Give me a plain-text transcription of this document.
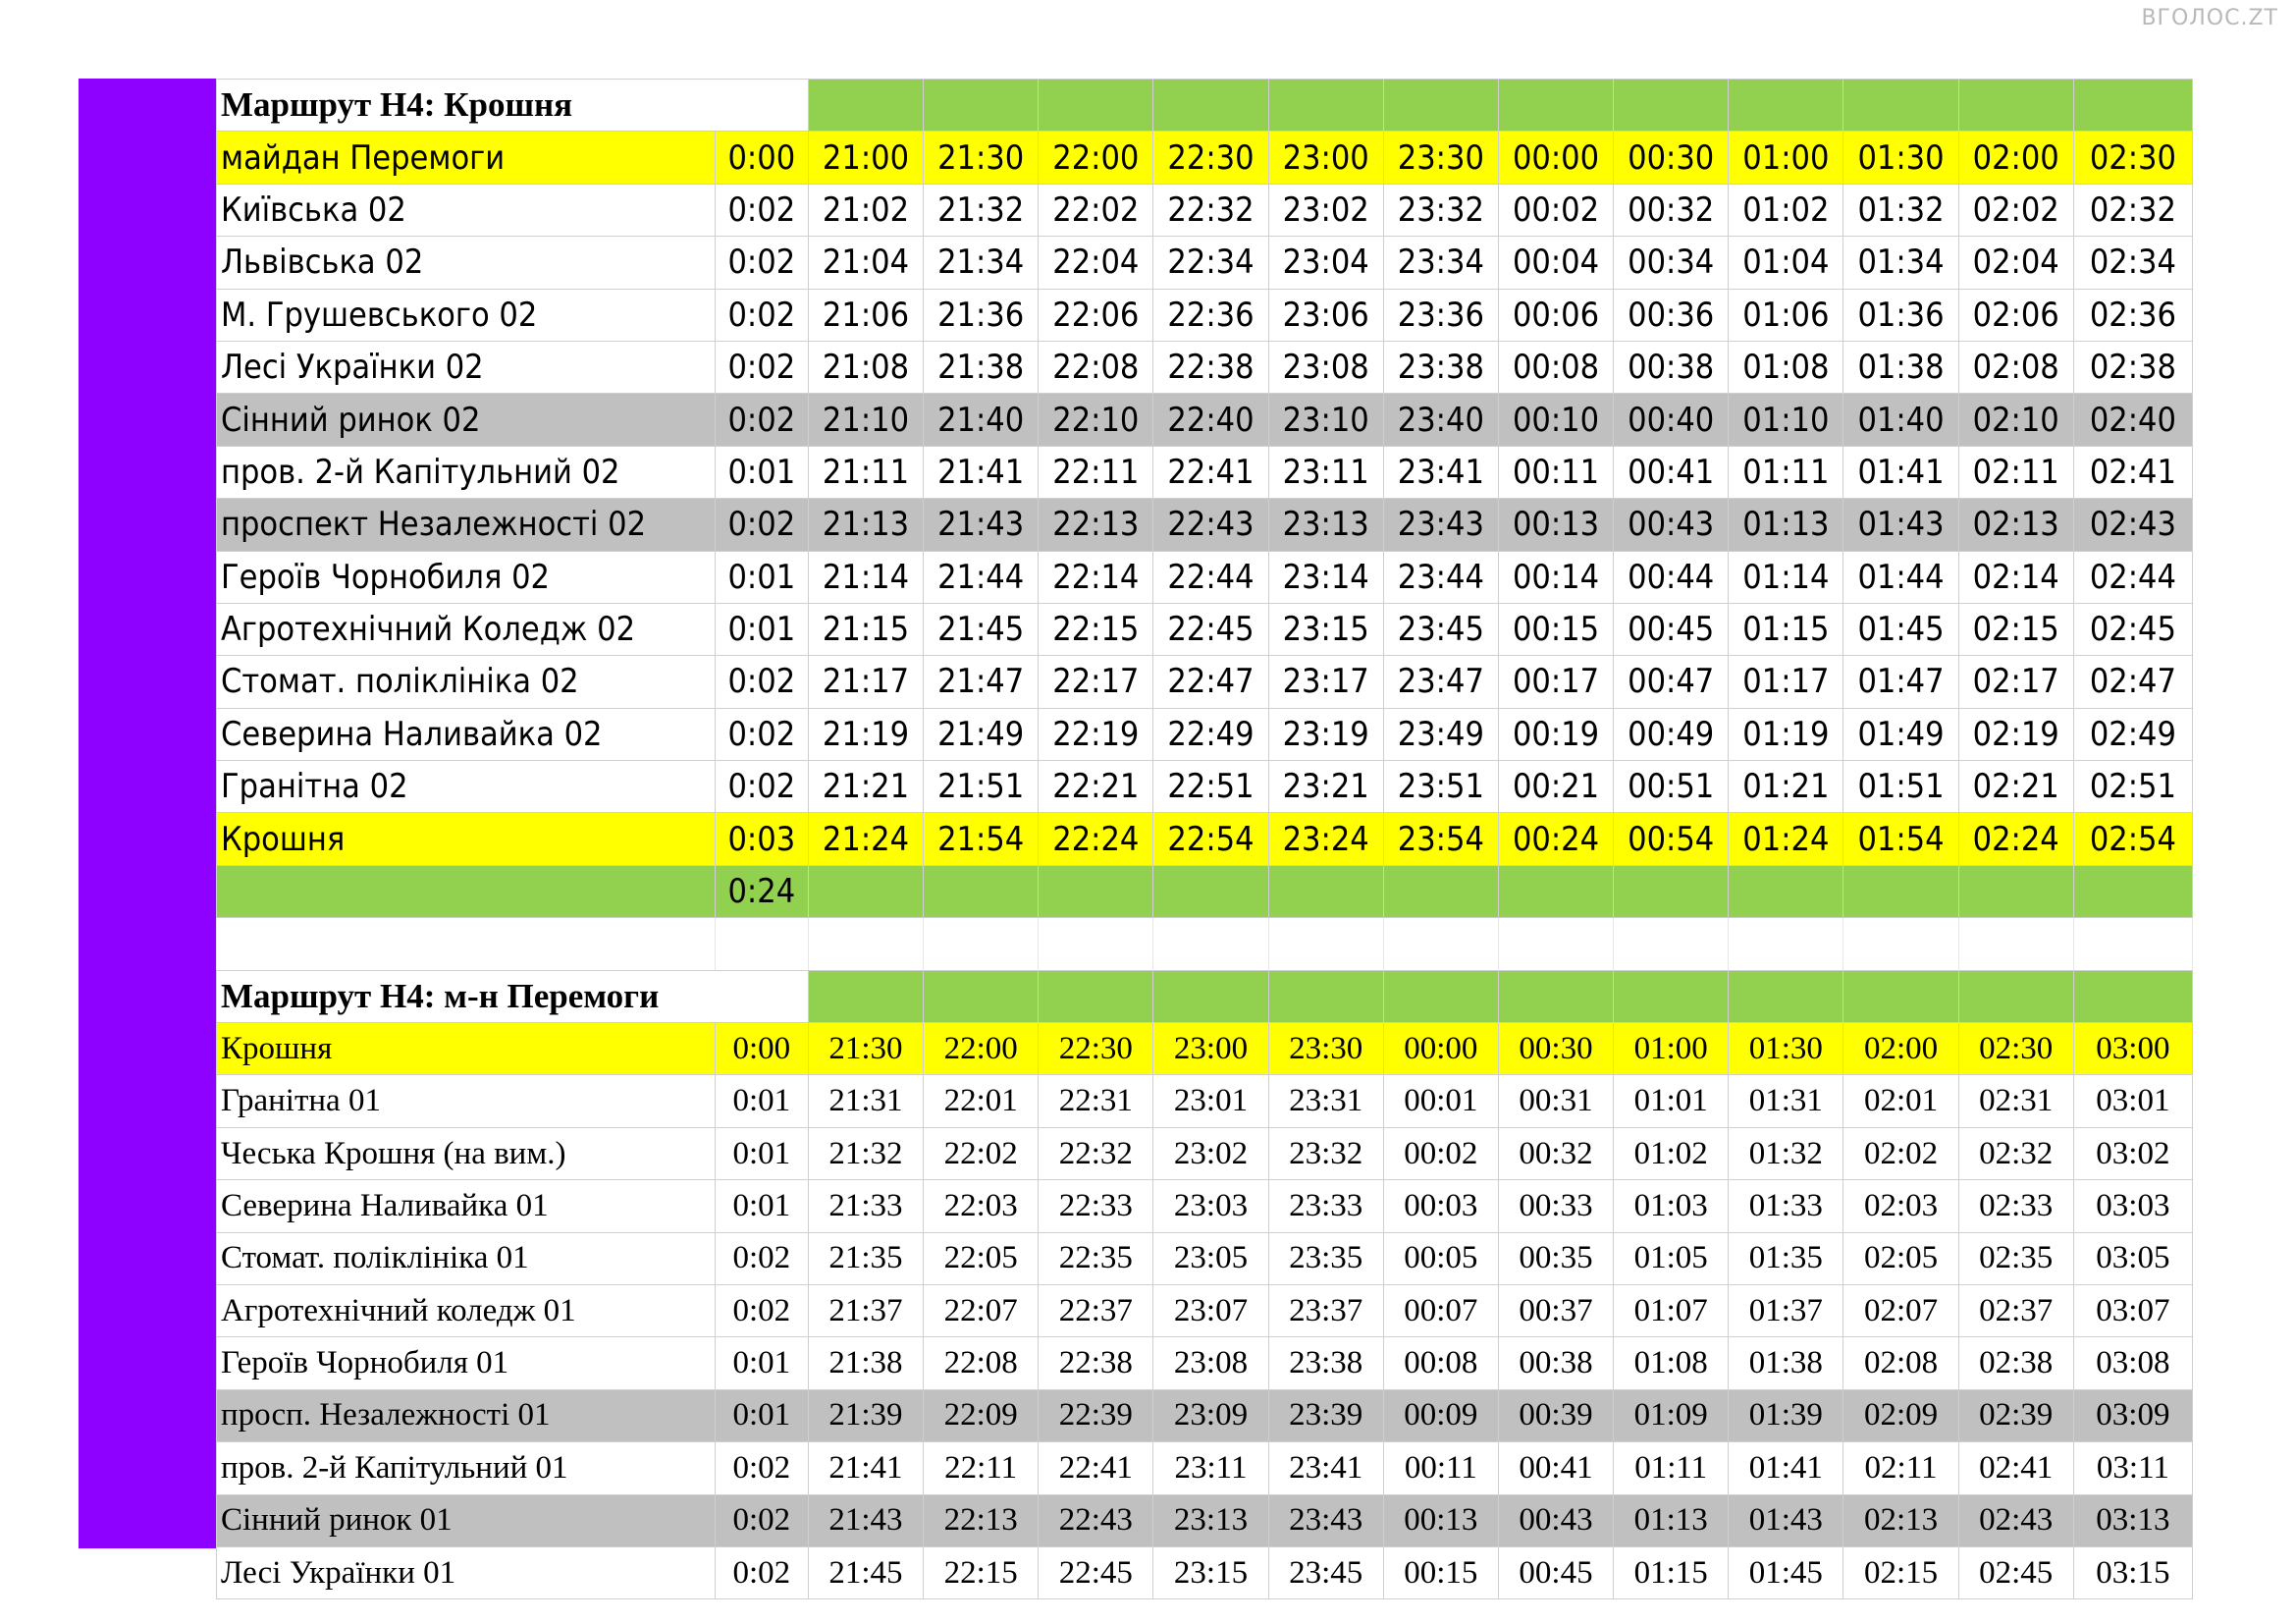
ВГОЛОС.ZT
Маршрут Н4: Крошня													
майдан Перемоги	0:00	21:00	21:30	22:00	22:30	23:00	23:30	00:00	00:30	01:00	01:30	02:00	02:30
Київська 02	0:02	21:02	21:32	22:02	22:32	23:02	23:32	00:02	00:32	01:02	01:32	02:02	02:32
Львівська 02	0:02	21:04	21:34	22:04	22:34	23:04	23:34	00:04	00:34	01:04	01:34	02:04	02:34
М. Грушевського 02	0:02	21:06	21:36	22:06	22:36	23:06	23:36	00:06	00:36	01:06	01:36	02:06	02:36
Лесі Українки 02	0:02	21:08	21:38	22:08	22:38	23:08	23:38	00:08	00:38	01:08	01:38	02:08	02:38
Сінний ринок 02	0:02	21:10	21:40	22:10	22:40	23:10	23:40	00:10	00:40	01:10	01:40	02:10	02:40
пров. 2-й Капітульний 02	0:01	21:11	21:41	22:11	22:41	23:11	23:41	00:11	00:41	01:11	01:41	02:11	02:41
проспект Незалежності 02	0:02	21:13	21:43	22:13	22:43	23:13	23:43	00:13	00:43	01:13	01:43	02:13	02:43
Героїв Чорнобиля 02	0:01	21:14	21:44	22:14	22:44	23:14	23:44	00:14	00:44	01:14	01:44	02:14	02:44
Агротехнічний Коледж 02	0:01	21:15	21:45	22:15	22:45	23:15	23:45	00:15	00:45	01:15	01:45	02:15	02:45
Стомат. поліклініка 02	0:02	21:17	21:47	22:17	22:47	23:17	23:47	00:17	00:47	01:17	01:47	02:17	02:47
Северина Наливайка 02	0:02	21:19	21:49	22:19	22:49	23:19	23:49	00:19	00:49	01:19	01:49	02:19	02:49
Гранітна 02	0:02	21:21	21:51	22:21	22:51	23:21	23:51	00:21	00:51	01:21	01:51	02:21	02:51
Крошня	0:03	21:24	21:54	22:24	22:54	23:24	23:54	00:24	00:54	01:24	01:54	02:24	02:54
	0:24												

Маршрут Н4: м-н Перемоги													
Крошня	0:00	21:30	22:00	22:30	23:00	23:30	00:00	00:30	01:00	01:30	02:00	02:30	03:00
Гранітна 01	0:01	21:31	22:01	22:31	23:01	23:31	00:01	00:31	01:01	01:31	02:01	02:31	03:01
Чеська Крошня (на вим.)	0:01	21:32	22:02	22:32	23:02	23:32	00:02	00:32	01:02	01:32	02:02	02:32	03:02
Северина Наливайка 01	0:01	21:33	22:03	22:33	23:03	23:33	00:03	00:33	01:03	01:33	02:03	02:33	03:03
Стомат. поліклініка 01	0:02	21:35	22:05	22:35	23:05	23:35	00:05	00:35	01:05	01:35	02:05	02:35	03:05
Агротехнічний коледж 01	0:02	21:37	22:07	22:37	23:07	23:37	00:07	00:37	01:07	01:37	02:07	02:37	03:07
Героїв Чорнобиля 01	0:01	21:38	22:08	22:38	23:08	23:38	00:08	00:38	01:08	01:38	02:08	02:38	03:08
просп. Незалежності 01	0:01	21:39	22:09	22:39	23:09	23:39	00:09	00:39	01:09	01:39	02:09	02:39	03:09
пров. 2-й Капітульний 01	0:02	21:41	22:11	22:41	23:11	23:41	00:11	00:41	01:11	01:41	02:11	02:41	03:11
Сінний ринок 01	0:02	21:43	22:13	22:43	23:13	23:43	00:13	00:43	01:13	01:43	02:13	02:43	03:13
Лесі Українки 01	0:02	21:45	22:15	22:45	23:15	23:45	00:15	00:45	01:15	01:45	02:15	02:45	03:15
